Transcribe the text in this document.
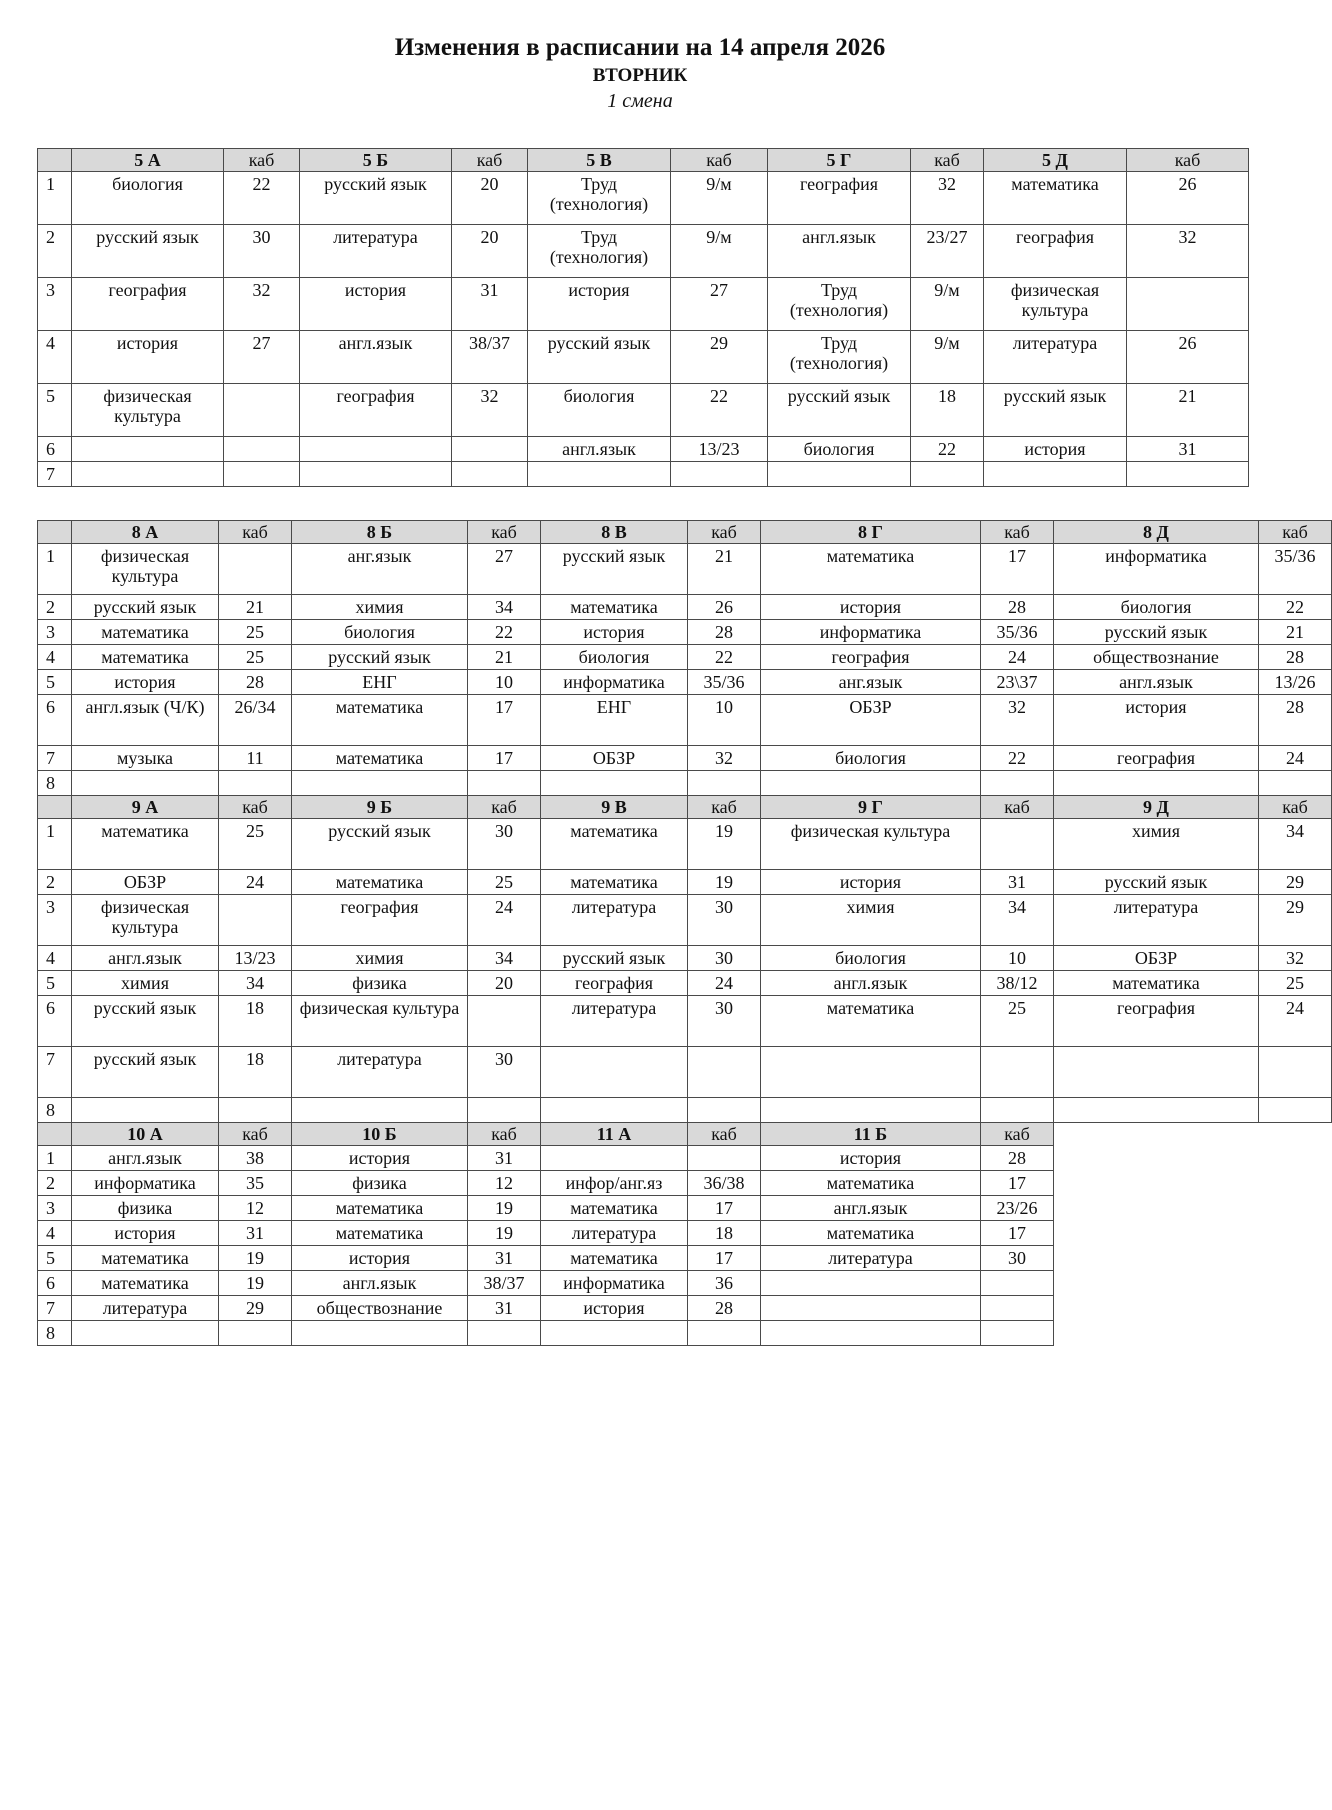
Изменения в расписании на 14 апреля 2026
ВТОРНИК
1 смена
	5 А	каб	5 Б	каб	5 В	каб	5 Г	каб	5 Д	каб
1	биология	22	русский язык	20	Труд (технология)	9/м	география	32	математика	26
2	русский язык	30	литература	20	Труд (технология)	9/м	англ.язык	23/27	география	32
3	география	32	история	31	история	27	Труд (технология)	9/м	физическая культура	
4	история	27	англ.язык	38/37	русский язык	29	Труд (технология)	9/м	литература	26
5	физическая культура		география	32	биология	22	русский язык	18	русский язык	21
6					англ.язык	13/23	биология	22	история	31
7										
	8 А	каб	8 Б	каб	8 В	каб	8 Г	каб	8 Д	каб
1	физическая культура		анг.язык	27	русский язык	21	математика	17	информатика	35/36
2	русский язык	21	химия	34	математика	26	история	28	биология	22
3	математика	25	биология	22	история	28	информатика	35/36	русский язык	21
4	математика	25	русский язык	21	биология	22	география	24	обществознание	28
5	история	28	ЕНГ	10	информатика	35/36	анг.язык	23\37	англ.язык	13/26
6	англ.язык (Ч/К)	26/34	математика	17	ЕНГ	10	ОБЗР	32	история	28
7	музыка	11	математика	17	ОБЗР	32	биология	22	география	24
8										
	9 А	каб	9 Б	каб	9 В	каб	9 Г	каб	9 Д	каб
1	математика	25	русский язык	30	математика	19	физическая культура		химия	34
2	ОБЗР	24	математика	25	математика	19	история	31	русский язык	29
3	физическая культура		география	24	литература	30	химия	34	литература	29
4	англ.язык	13/23	химия	34	русский язык	30	биология	10	ОБЗР	32
5	химия	34	физика	20	география	24	англ.язык	38/12	математика	25
6	русский язык	18	физическая культура		литература	30	математика	25	география	24
7	русский язык	18	литература	30						
8										
	10 А	каб	10 Б	каб	11 А	каб	11 Б	каб		
1	англ.язык	38	история	31			история	28		
2	информатика	35	физика	12	инфор/анг.яз	36/38	математика	17		
3	физика	12	математика	19	математика	17	англ.язык	23/26		
4	история	31	математика	19	литература	18	математика	17		
5	математика	19	история	31	математика	17	литература	30		
6	математика	19	англ.язык	38/37	информатика	36				
7	литература	29	обществознание	31	история	28				
8										
